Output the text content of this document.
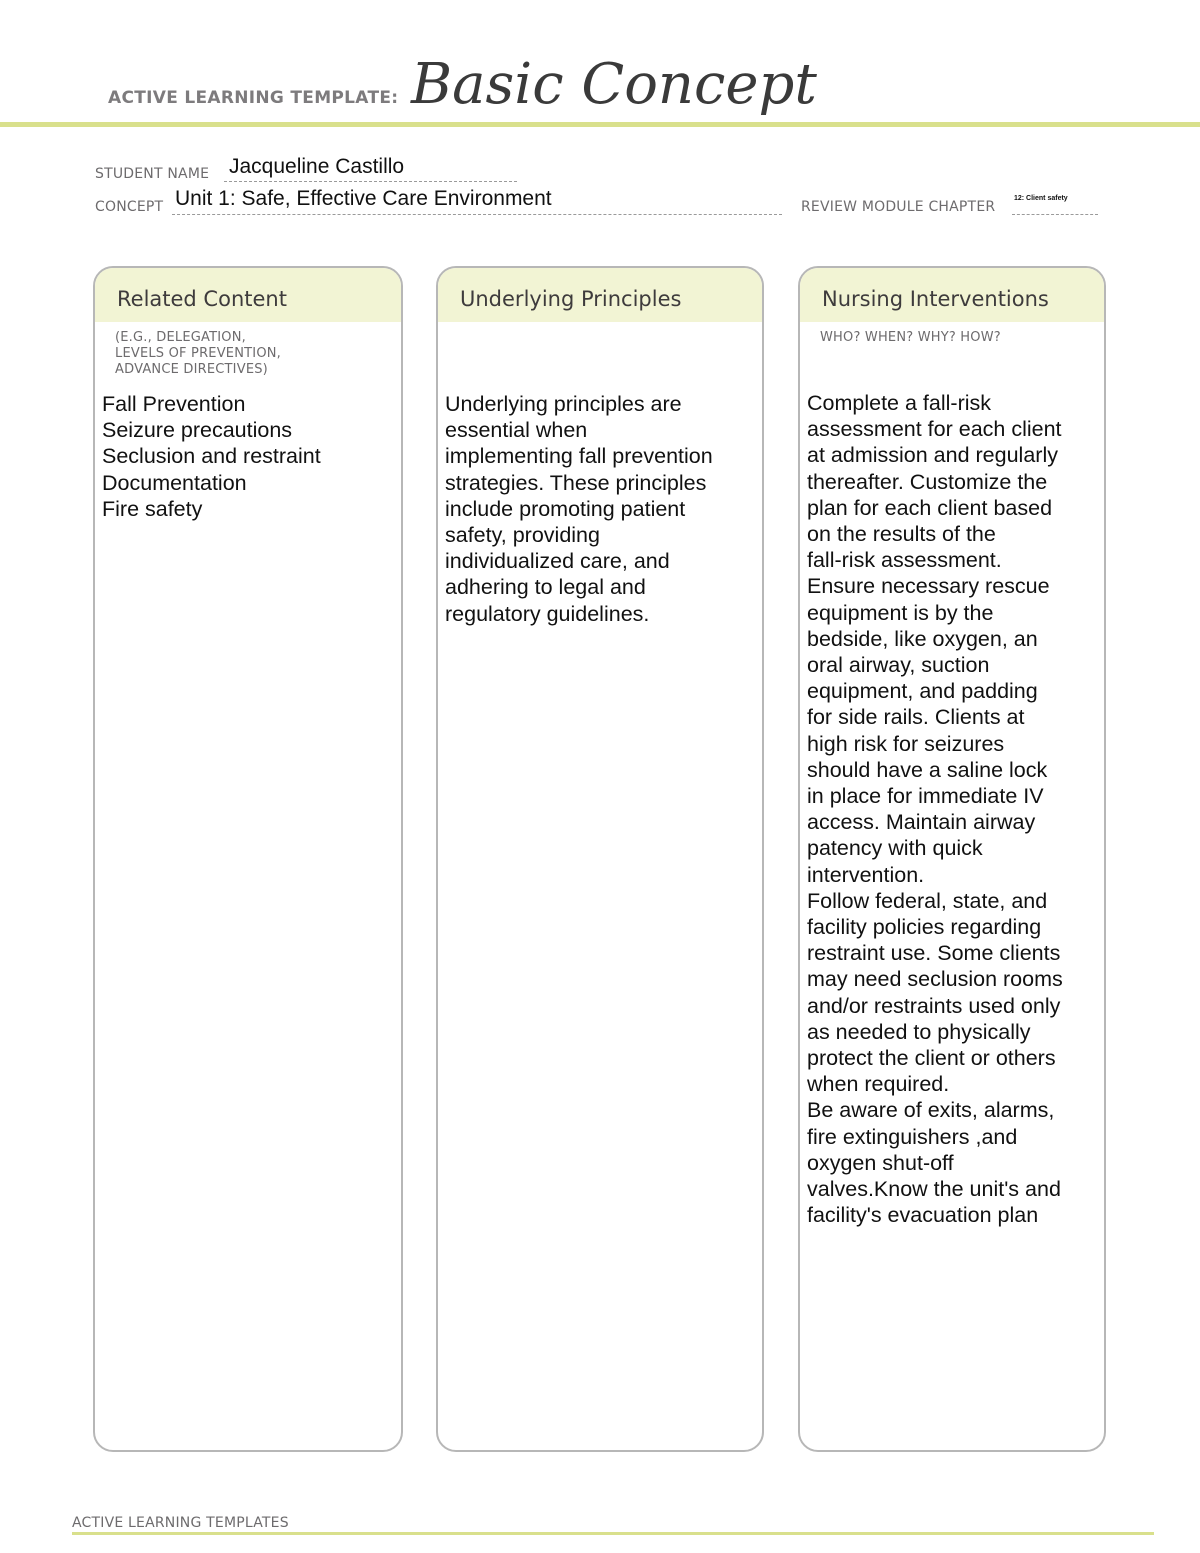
ACTIVE LEARNING TEMPLATE: Basic Concept
STUDENT NAME Jacqueline Castillo
CONCEPT Unit 1: Safe, Effective Care Environment	REVIEW MODULE CHAPTER
12: Client safety
Related Content
(E.G., DELEGATION,
LEVELS OF PREVENTION,
ADVANCE DIRECTIVES)
Fall Prevention
Seizure precautions
Seclusion and restraint
Documentation
Fire safety
Underlying Principles
Underlying principles are
essential when
implementing fall prevention
strategies. These principles
include promoting patient
safety, providing
individualized care, and
adhering to legal and
regulatory guidelines.
Nursing Interventions
WHO? WHEN? WHY? HOW?
Complete a fall-risk
assessment for each client
at admission and regularly
thereafter. Customize the
plan for each client based
on the results of the
fall-risk assessment.
Ensure necessary rescue
equipment is by the
bedside, like oxygen, an
oral airway, suction
equipment, and padding
for side rails. Clients at
high risk for seizures
should have a saline lock
in place for immediate IV
access. Maintain airway
patency with quick
intervention.
Follow federal, state, and
facility policies regarding
restraint use. Some clients
may need seclusion rooms
and/or restraints used only
as needed to physically
protect the client or others
when required.
Be aware of exits, alarms,
fire extinguishers ,and
oxygen shut-off
valves.Know the unit's and
facility's evacuation plan
ACTIVE LEARNING TEMPLATES
